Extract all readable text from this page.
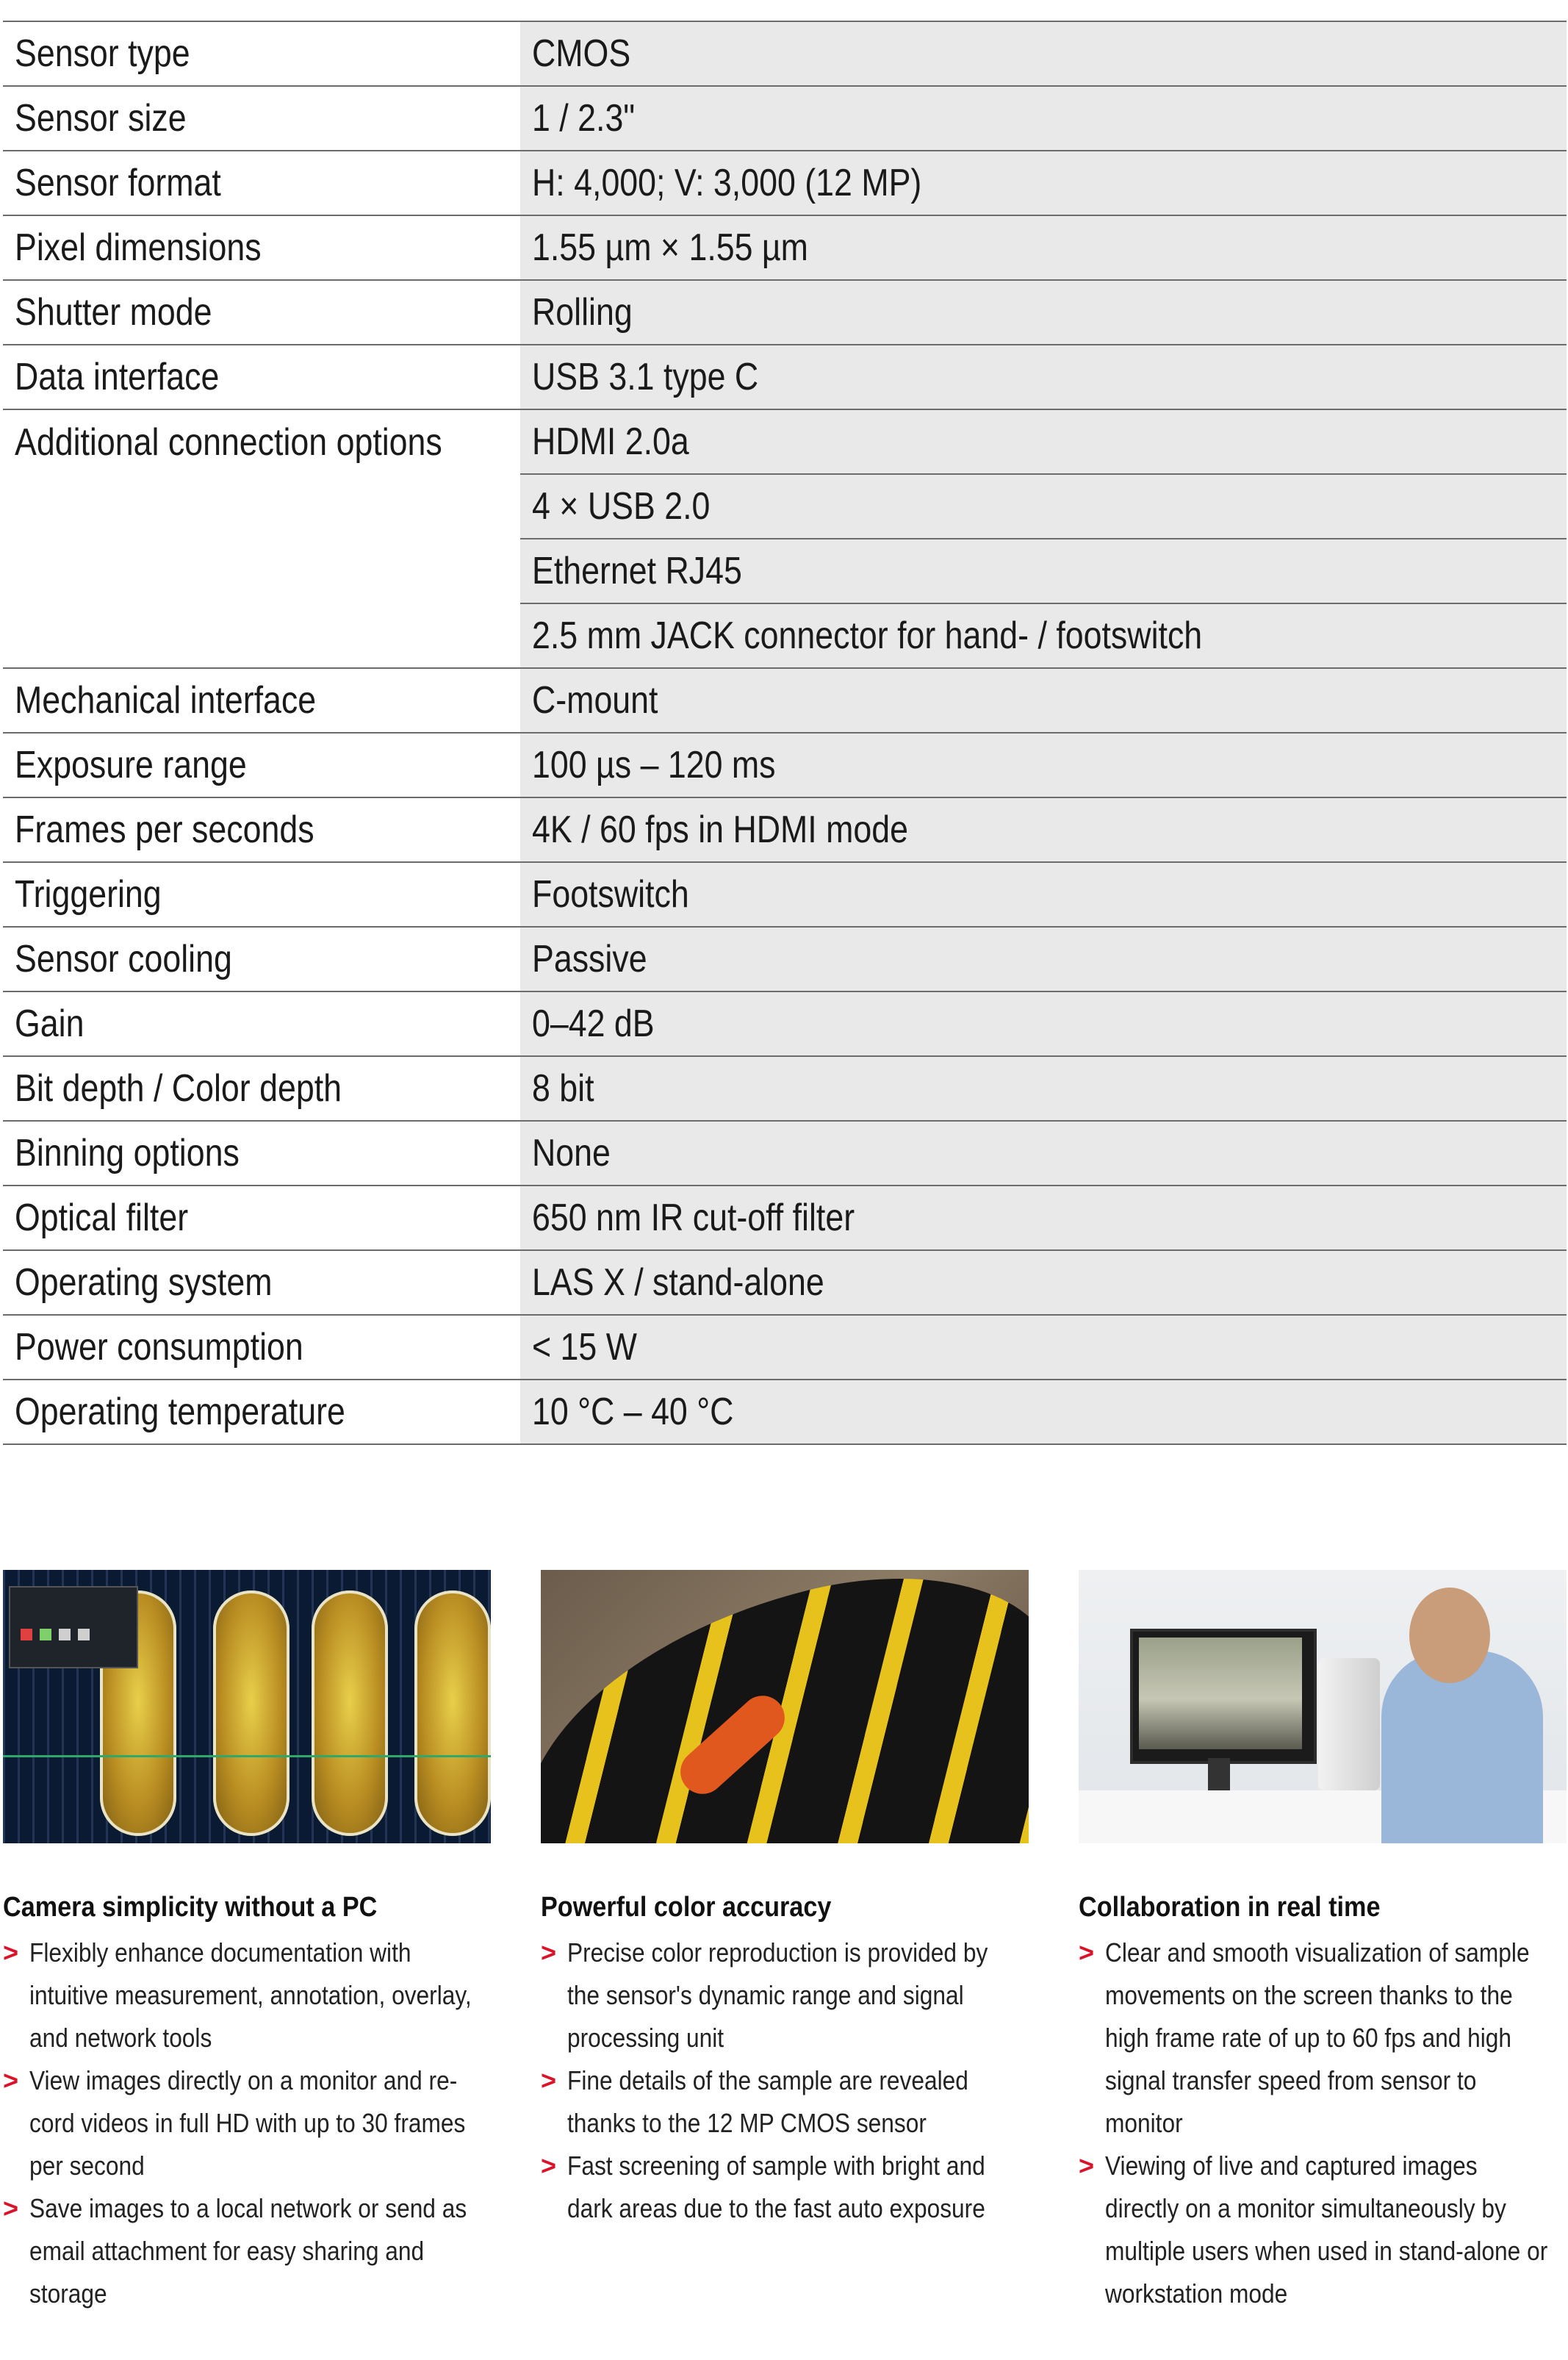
Sensor type	CMOS
Sensor size	1 / 2.3"
Sensor format	H: 4,000; V: 3,000 (12 MP)
Pixel dimensions	1.55 µm × 1.55 µm
Shutter mode	Rolling
Data interface	USB 3.1 type C
Additional connection options	HDMI 2.0a
	4 × USB 2.0
	Ethernet RJ45
	2.5 mm JACK connector for hand- / footswitch
Mechanical interface	C-mount
Exposure range	100 µs – 120 ms
Frames per seconds	4K / 60 fps in HDMI mode
Triggering	Footswitch
Sensor cooling	Passive
Gain	0–42 dB
Bit depth / Color depth	8 bit
Binning options	None
Optical filter	650 nm IR cut-off filter
Operating system	LAS X / stand-alone
Power consumption	< 15 W
Operating temperature	10 °C – 40 °C
Camera simplicity without a PC
> Flexibly enhance documentation with intuitive measurement, annotation, overlay, and network tools
> View images directly on a monitor and re-cord videos in full HD with up to 30 frames per second
> Save images to a local network or send as email attachment for easy sharing and storage
Powerful color accuracy
> Precise color reproduction is provided by the sensor's dynamic range and signal processing unit
> Fine details of the sample are revealed thanks to the 12 MP CMOS sensor
> Fast screening of sample with bright and dark areas due to the fast auto exposure
Collaboration in real time
> Clear and smooth visualization of sample movements on the screen thanks to the high frame rate of up to 60 fps and high signal transfer speed from sensor to monitor
> Viewing of live and captured images directly on a monitor simultaneously by multiple users when used in stand-alone or workstation mode
